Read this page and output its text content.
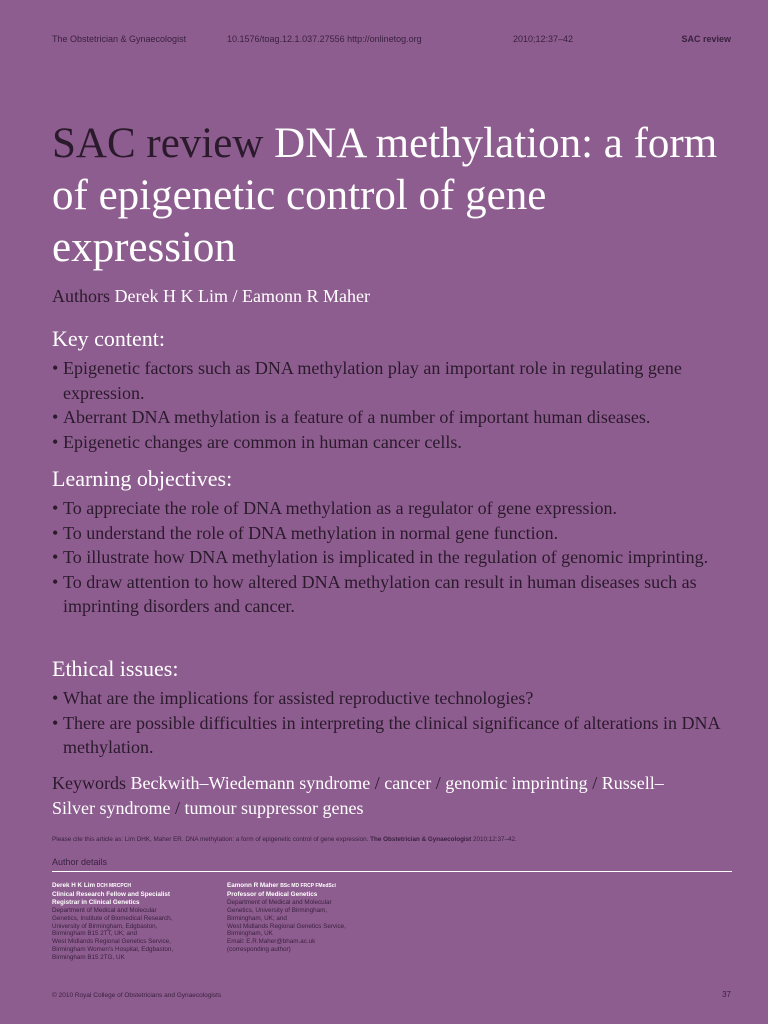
The Obstetrician & Gynaecologist	10.1576/toag.12.1.037.27556 http://onlinetog.org	2010;12:37–42	SAC review
SAC review DNA methylation: a form of epigenetic control of gene expression
Authors Derek H K Lim / Eamonn R Maher
Key content:
• Epigenetic factors such as DNA methylation play an important role in regulating gene expression.
• Aberrant DNA methylation is a feature of a number of important human diseases.
• Epigenetic changes are common in human cancer cells.
Learning objectives:
• To appreciate the role of DNA methylation as a regulator of gene expression.
• To understand the role of DNA methylation in normal gene function.
• To illustrate how DNA methylation is implicated in the regulation of genomic imprinting.
• To draw attention to how altered DNA methylation can result in human diseases such as imprinting disorders and cancer.
Ethical issues:
• What are the implications for assisted reproductive technologies?
• There are possible difficulties in interpreting the clinical significance of alterations in DNA methylation.
Keywords Beckwith–Wiedemann syndrome / cancer / genomic imprinting / Russell–Silver syndrome / tumour suppressor genes
Please cite this article as: Lim DHK, Maher ER. DNA methylation: a form of epigenetic control of gene expression. The Obstetrician & Gynaecologist 2010;12:37–42.
Author details
Derek H K Lim DCH MRCPCH
Clinical Research Fellow and Specialist
Registrar in Clinical Genetics
Department of Medical and Molecular
Genetics, Institute of Biomedical Research,
University of Birmingham, Edgbaston,
Birmingham B15 2TT, UK; and
West Midlands Regional Genetics Service,
Birmingham Women's Hospital, Edgbaston,
Birmingham B15 2TG, UK
Eamonn R Maher BSc MD FRCP FMedSci
Professor of Medical Genetics
Department of Medical and Molecular
Genetics, University of Birmingham,
Birmingham, UK; and
West Midlands Regional Genetics Service,
Birmingham, UK
Email: E.R.Maher@bham.ac.uk
(corresponding author)
© 2010 Royal College of Obstetricians and Gynaecologists	37
